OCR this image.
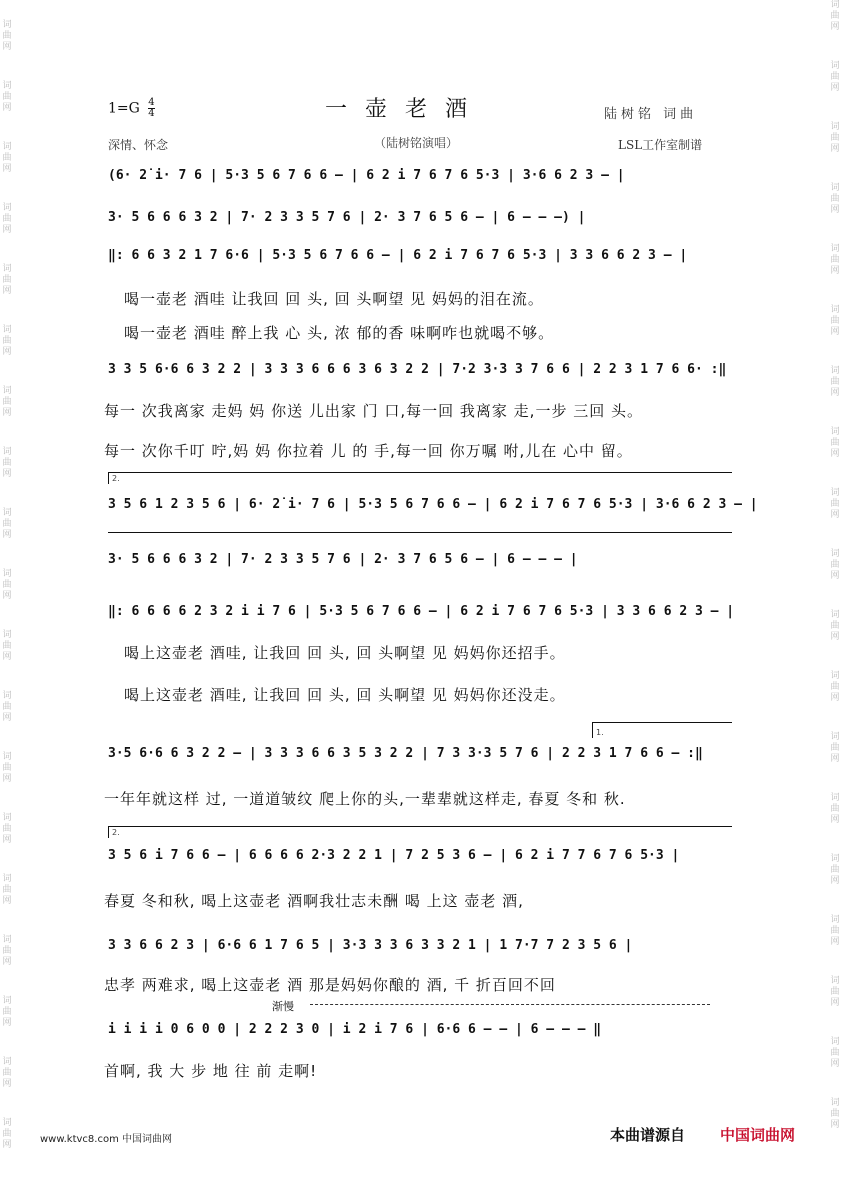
词
曲
网
词
曲
网
词
曲
网
词
曲
网
词
曲
网
词
曲
网
词
曲
网
词
曲
网
词
曲
网
词
曲
网
词
曲
网
词
曲
网
词
曲
网
词
曲
网
词
曲
网
词
曲
网
词
曲
网
词
曲
网
词
曲
网
词
曲
网
词
曲
网
词
曲
网
词
曲
网
词
曲
网
词
曲
网
词
曲
网
词
曲
网
词
曲
网
词
曲
网
词
曲
网
词
曲
网
词
曲
网
词
曲
网
词
曲
网
词
曲
网
词
曲
网
词
曲
网
词
曲
网
$1=G \frac{4}{4}$	一壶老酒	陆树铭 词曲
深情、怀念	（陆树铭演唱）	LSL工作室制谱
2.
1.
2.
渐慢
(6· 2̇ i· 7 6 | 5·3 5 6 7 6 6 – | 6 2 i 7 6 7 6 5·3 | 3·6 6 2 3 – |
3· 5 6 6 6 3 2 | 7· 2 3 3 5 7 6 | 2· 3 7 6 5 6 – | 6 – – –) |
‖: 6 6 3 2 1 7 6·6 | 5·3 5 6 7 6 6 – | 6 2 i 7 6 7 6 5·3 | 3 3 6 6 2 3 – |
3 3 5 6·6 6 3 2 2 | 3 3 3 6 6 6 3 6 3 2 2 | 7·2 3·3 3 7 6 6 | 2 2 3 1 7 6 6· :‖
3 5 6 1 2 3 5 6 | 6· 2̇ i· 7 6 | 5·3 5 6 7 6 6 – | 6 2 i 7 6 7 6 5·3 | 3·6 6 2 3 – |
3· 5 6 6 6 3 2 | 7· 2 3 3 5 7 6 | 2· 3 7 6 5 6 – | 6 – – – |
‖: 6 6 6 6 2 3 2 i i 7 6 | 5·3 5 6 7 6 6 – | 6 2 i 7 6 7 6 5·3 | 3 3 6 6 2 3 – |
3·5 6·6 6 3 2 2 – | 3 3 3 6 6 3 5 3 2 2 | 7 3 3·3 5 7 6 | 2 2 3 1 7 6 6 – :‖
3 5 6 i 7 6 6 – | 6 6 6 6 2·3 2 2 1 | 7 2 5 3 6 – | 6 2 i 7 7 6 7 6 5·3 |
3 3 6 6 2 3 | 6·6 6 1 7 6 5 | 3·3 3 3 6 3 3 2 1 | 1 7·7 7 2 3 5 6 |
i i i i 0 6 0 0 | 2 2 2 3 0 | i 2 i 7 6 | 6·6 6 – – | 6 – – – ‖
喝一壶老 酒哇 让我回 回 头, 回 头啊望 见 妈妈的泪在流。
喝一壶老 酒哇 醉上我 心 头, 浓 郁的香 味啊咋也就喝不够。
每一 次我离家 走妈 妈 你送 儿出家 门 口,每一回 我离家 走,一步 三回 头。
每一 次你千叮 咛,妈 妈 你拉着 儿 的 手,每一回 你万嘱 咐,儿在 心中 留。
喝上这壶老 酒哇, 让我回 回 头, 回 头啊望 见 妈妈你还招手。
喝上这壶老 酒哇, 让我回 回 头, 回 头啊望 见 妈妈你还没走。
一年年就这样 过, 一道道皱纹 爬上你的头,一辈辈就这样走, 春夏 冬和 秋.
春夏 冬和秋, 喝上这壶老 酒啊我壮志未酬 喝 上这 壶老 酒,
忠孝 两难求, 喝上这壶老 酒 那是妈妈你酿的 酒, 千 折百回不回
首啊, 我 大 步 地 往 前 走啊!
www.ktvc8.com 中国词曲网	本曲谱源自 中国词曲网
